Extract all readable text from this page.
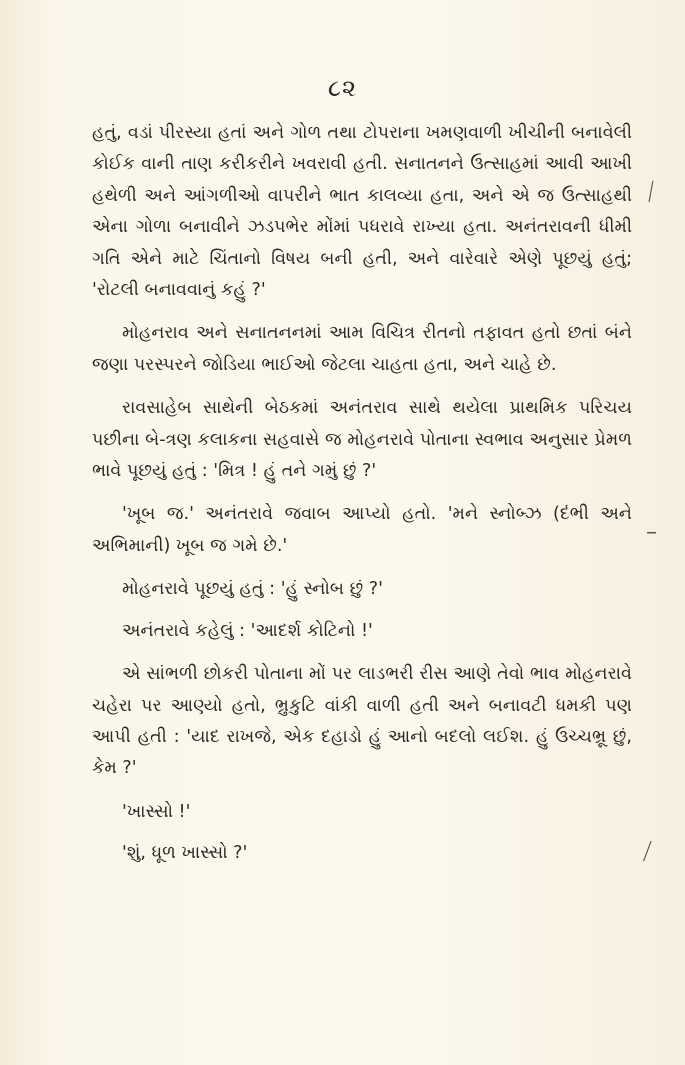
૮૨

હતું, વડાં પીરસ્યા હતાં અને ગોળ તથા ટોપરાના ખમણવાળી ખીચીની બનાવેલી કોઈક વાની તાણ કરીકરીને ખવરાવી હતી. સનાતનને ઉત્સાહમાં આવી આખી હથેળી અને આંગળીઓ વાપરીને ભાત કાલવ્યા હતા, અને એ જ ઉત્સાહથી એના ગોળા બનાવીને ઝડપભેર મોંમાં પધરાવે રાખ્યા હતા. અનંતરાવની ધીમી ગતિ એને માટે ચિંતાનો વિષય બની હતી, અને વારેવારે એણે પૂછયું હતું; 'રોટલી બનાવવાનું કહું ?'

મોહનરાવ અને સનાતનનમાં આમ વિચિત્ર રીતનો તફાવત હતો છતાં બંને જણા પરસ્પરને જોડિયા ભાઈઓ જેટલા ચાહતા હતા, અને ચાહે છે.

રાવસાહેબ સાથેની બેઠકમાં અનંતરાવ સાથે થયેલા પ્રાથમિક પરિચય પછીના બે-ત્રણ કલાકના સહવાસે જ મોહનરાવે પોતાના સ્વભાવ અનુસાર પ્રેમળ ભાવે પૂછયું હતું : 'મિત્ર ! હું તને ગમું છું ?'

'ખૂબ જ.' અનંતરાવે જવાબ આપ્યો હતો. 'મને સ્નોબ્ઝ (દંભી અને અભિમાની) ખૂબ જ ગમે છે.'

મોહનરાવે પૂછયું હતું : 'હું સ્નોબ છું ?'

અનંતરાવે કહેલું : 'આદર્શ કોટિનો !'

એ સાંભળી છોકરી પોતાના મોં પર લાડભરી રીસ આણે તેવો ભાવ મોહનરાવે ચહેરા પર આણ્યો હતો, ભ્રુકુટિ વાંકી વાળી હતી અને બનાવટી ધમકી પણ આપી હતી : 'યાદ રાખજે, એક દહાડો હું આનો બદલો લઈશ. હું ઉચ્ચભ્રૂ છું, કેમ ?'

'ખાસ્સો !'

'શું, ધૂળ ખાસ્સો ?'

⟋
–
⟋
